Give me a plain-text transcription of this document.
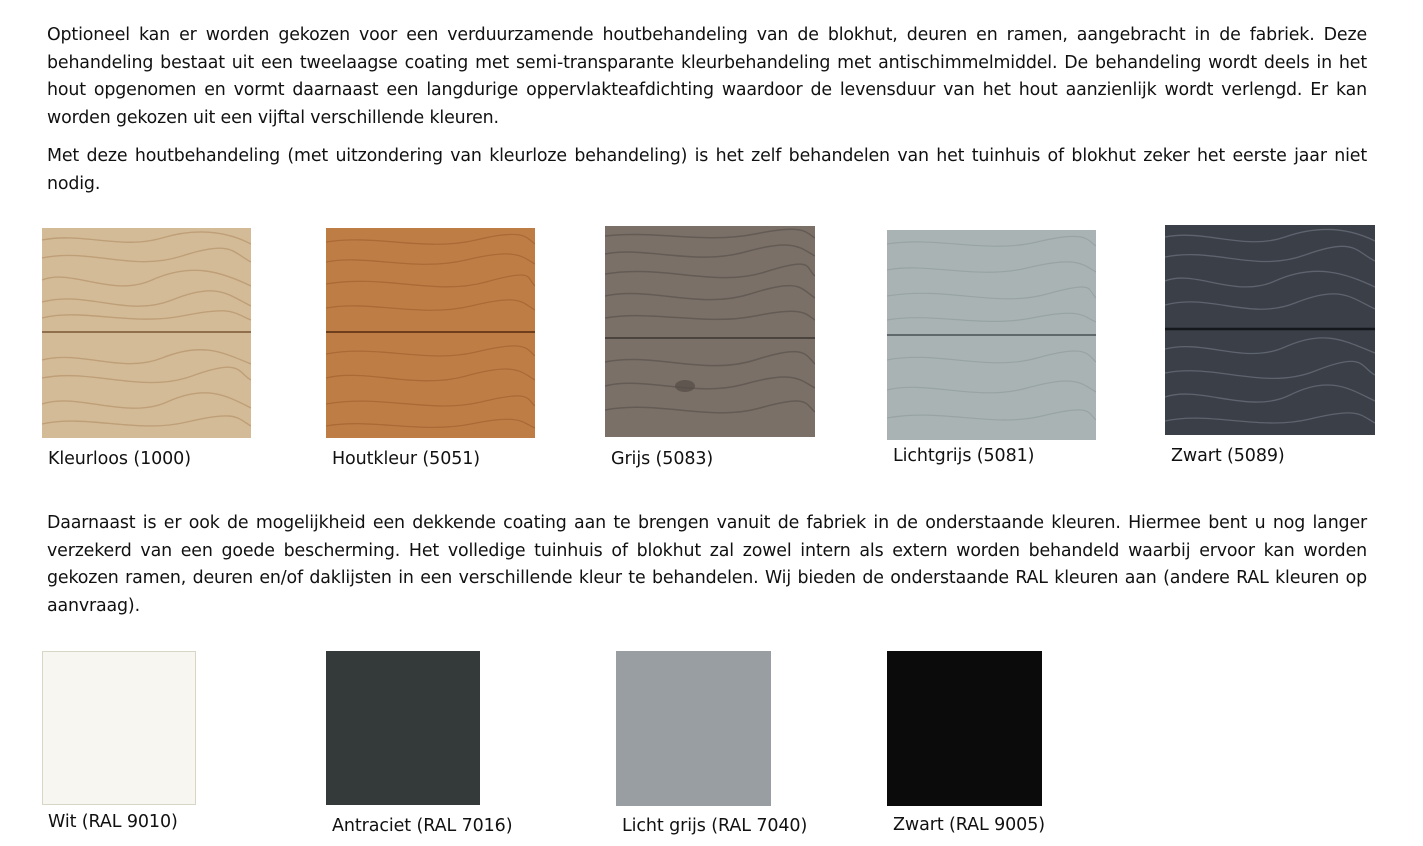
Optioneel kan er worden gekozen voor een verduurzamende houtbehandeling van de blokhut, deuren en ramen, aangebracht in de fabriek. Deze behandeling bestaat uit een tweelaagse coating met semi-transparante kleurbehandeling met antischimmelmiddel. De behandeling wordt deels in het hout opgenomen en vormt daarnaast een langdurige oppervlakteafdichting waardoor de levensduur van het hout aanzienlijk wordt verlengd. Er kan worden gekozen uit een vijftal verschillende kleuren.

Met deze houtbehandeling (met uitzondering van kleurloze behandeling) is het zelf behandelen van het tuinhuis of blokhut zeker het eerste jaar niet nodig.

Kleurloos (1000)	Houtkleur (5051)	Grijs (5083)	Lichtgrijs (5081)	Zwart (5089)

Daarnaast is er ook de mogelijkheid een dekkende coating aan te brengen vanuit de fabriek in de onderstaande kleuren. Hiermee bent u nog langer verzekerd van een goede bescherming. Het volledige tuinhuis of blokhut zal zowel intern als extern worden behandeld waarbij ervoor kan worden gekozen ramen, deuren en/of daklijsten in een verschillende kleur te behandelen. Wij bieden de onderstaande RAL kleuren aan (andere RAL kleuren op aanvraag).

Wit (RAL 9010)	Antraciet (RAL 7016)	Licht grijs (RAL 7040)	Zwart (RAL 9005)
